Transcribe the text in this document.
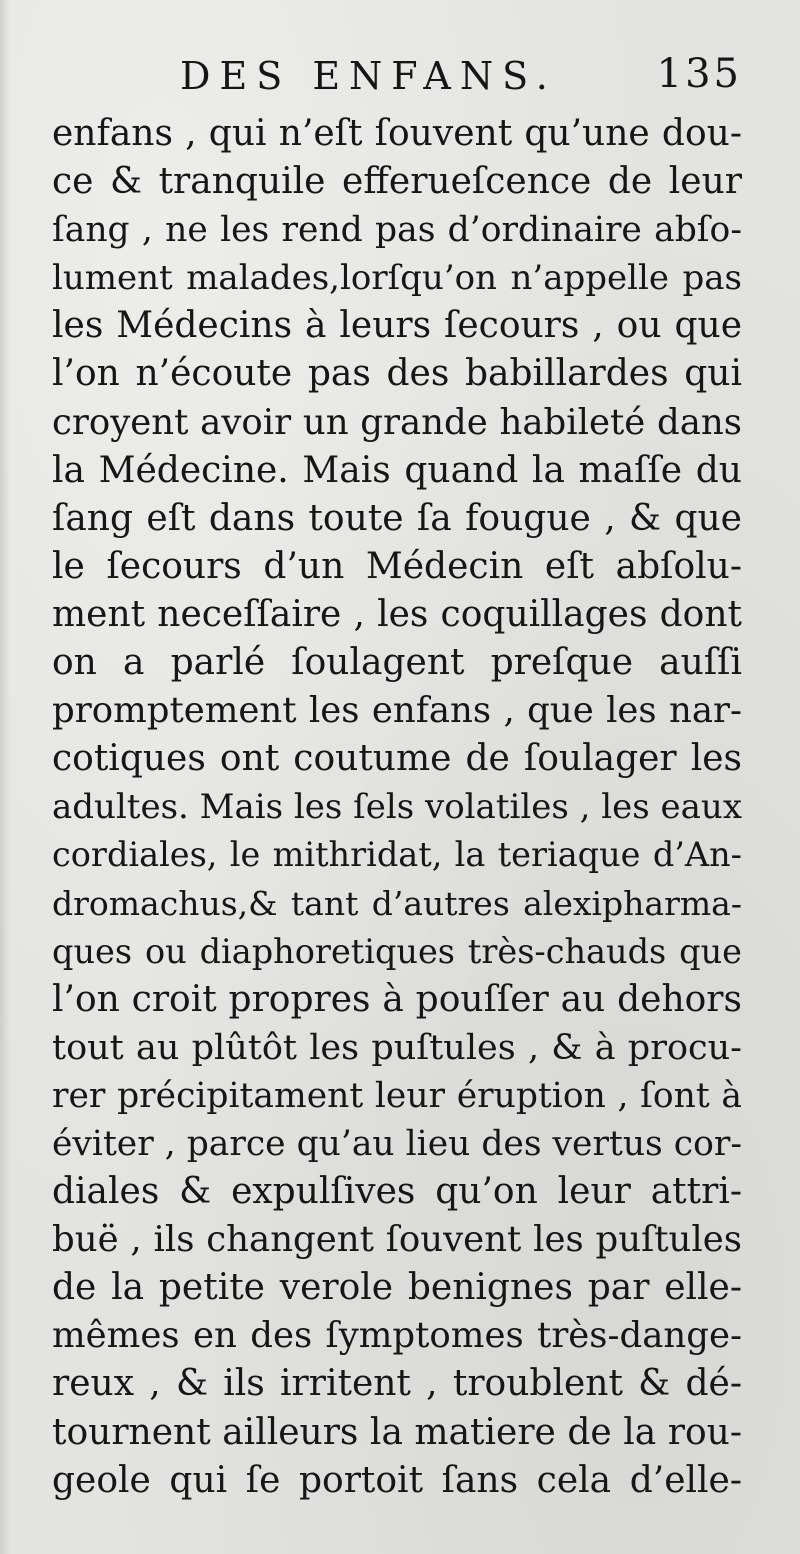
DES ENFANS. 135
enfans , qui n’eſt ſouvent qu’une dou-
ce & tranquile efferueſcence de leur
ſang , ne les rend pas d’ordinaire abſo-
lument malades,lorſqu’on n’appelle pas
les Médecins à leurs ſecours , ou que
l’on n’écoute pas des babillardes qui
croyent avoir un grande habileté dans
la Médecine. Mais quand la maſſe du
ſang eſt dans toute ſa fougue , & que
le ſecours d’un Médecin eſt abſolu-
ment neceſſaire , les coquillages dont
on a parlé ſoulagent preſque auſſi
promptement les enfans , que les nar-
cotiques ont coutume de ſoulager les
adultes. Mais les ſels volatiles , les eaux
cordiales, le mithridat, la teriaque d’An-
dromachus,& tant d’autres alexipharma-
ques ou diaphoretiques très-chauds que
l’on croit propres à pouſſer au dehors
tout au plûtôt les puſtules , & à procu-
rer précipitament leur éruption , ſont à
éviter , parce qu’au lieu des vertus cor-
diales & expulſives qu’on leur attri-
buë , ils changent ſouvent les puſtules
de la petite verole benignes par elle-
mêmes en des ſymptomes très-dange-
reux , & ils irritent , troublent & dé-
tournent ailleurs la matiere de la rou-
geole qui ſe portoit ſans cela d’elle-
